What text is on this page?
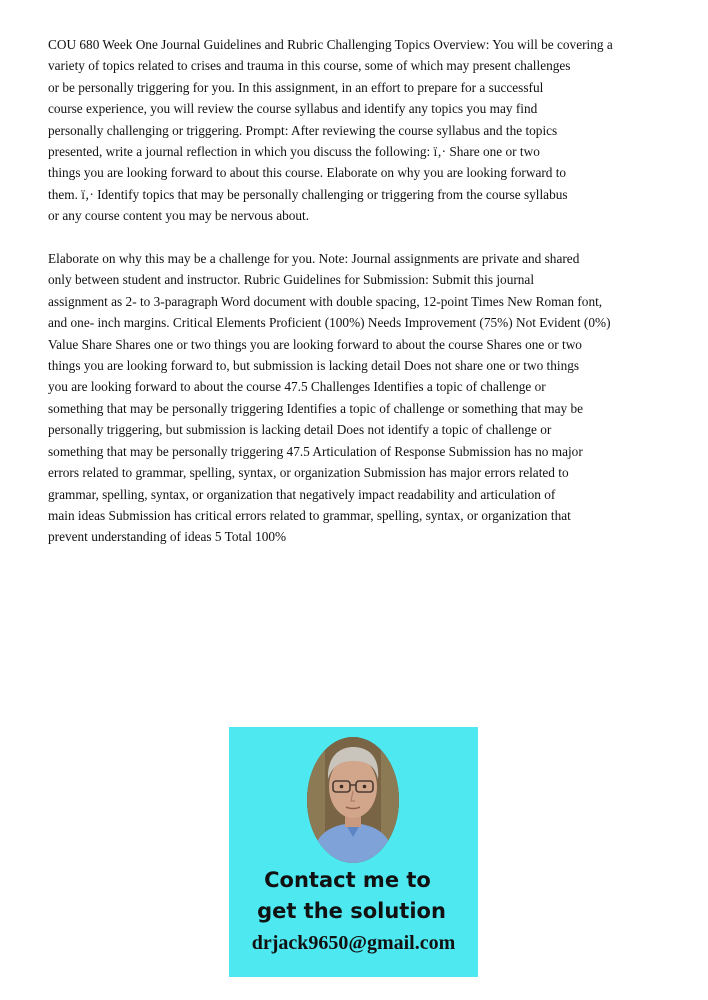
COU 680 Week One Journal Guidelines and Rubric Challenging Topics Overview: You will be covering a
variety of topics related to crises and trauma in this course, some of which may present challenges
or be personally triggering for you. In this assignment, in an effort to prepare for a successful
course experience, you will review the course syllabus and identify any topics you may find
personally challenging or triggering. Prompt: After reviewing the course syllabus and the topics
presented, write a journal reflection in which you discuss the following: ï‚· Share one or two
things you are looking forward to about this course. Elaborate on why you are looking forward to
them. ï‚· Identify topics that may be personally challenging or triggering from the course syllabus
or any course content you may be nervous about.
Elaborate on why this may be a challenge for you. Note: Journal assignments are private and shared
only between student and instructor. Rubric Guidelines for Submission: Submit this journal
assignment as 2- to 3-paragraph Word document with double spacing, 12-point Times New Roman font,
and one- inch margins. Critical Elements Proficient (100%) Needs Improvement (75%) Not Evident (0%)
Value Share Shares one or two things you are looking forward to about the course Shares one or two
things you are looking forward to, but submission is lacking detail Does not share one or two things
you are looking forward to about the course 47.5 Challenges Identifies a topic of challenge or
something that may be personally triggering Identifies a topic of challenge or something that may be
personally triggering, but submission is lacking detail Does not identify a topic of challenge or
something that may be personally triggering 47.5 Articulation of Response Submission has no major
errors related to grammar, spelling, syntax, or organization Submission has major errors related to
grammar, spelling, syntax, or organization that negatively impact readability and articulation of
main ideas Submission has critical errors related to grammar, spelling, syntax, or organization that
prevent understanding of ideas 5 Total 100%
Contact me to
get the solution
drjack9650@gmail.com
